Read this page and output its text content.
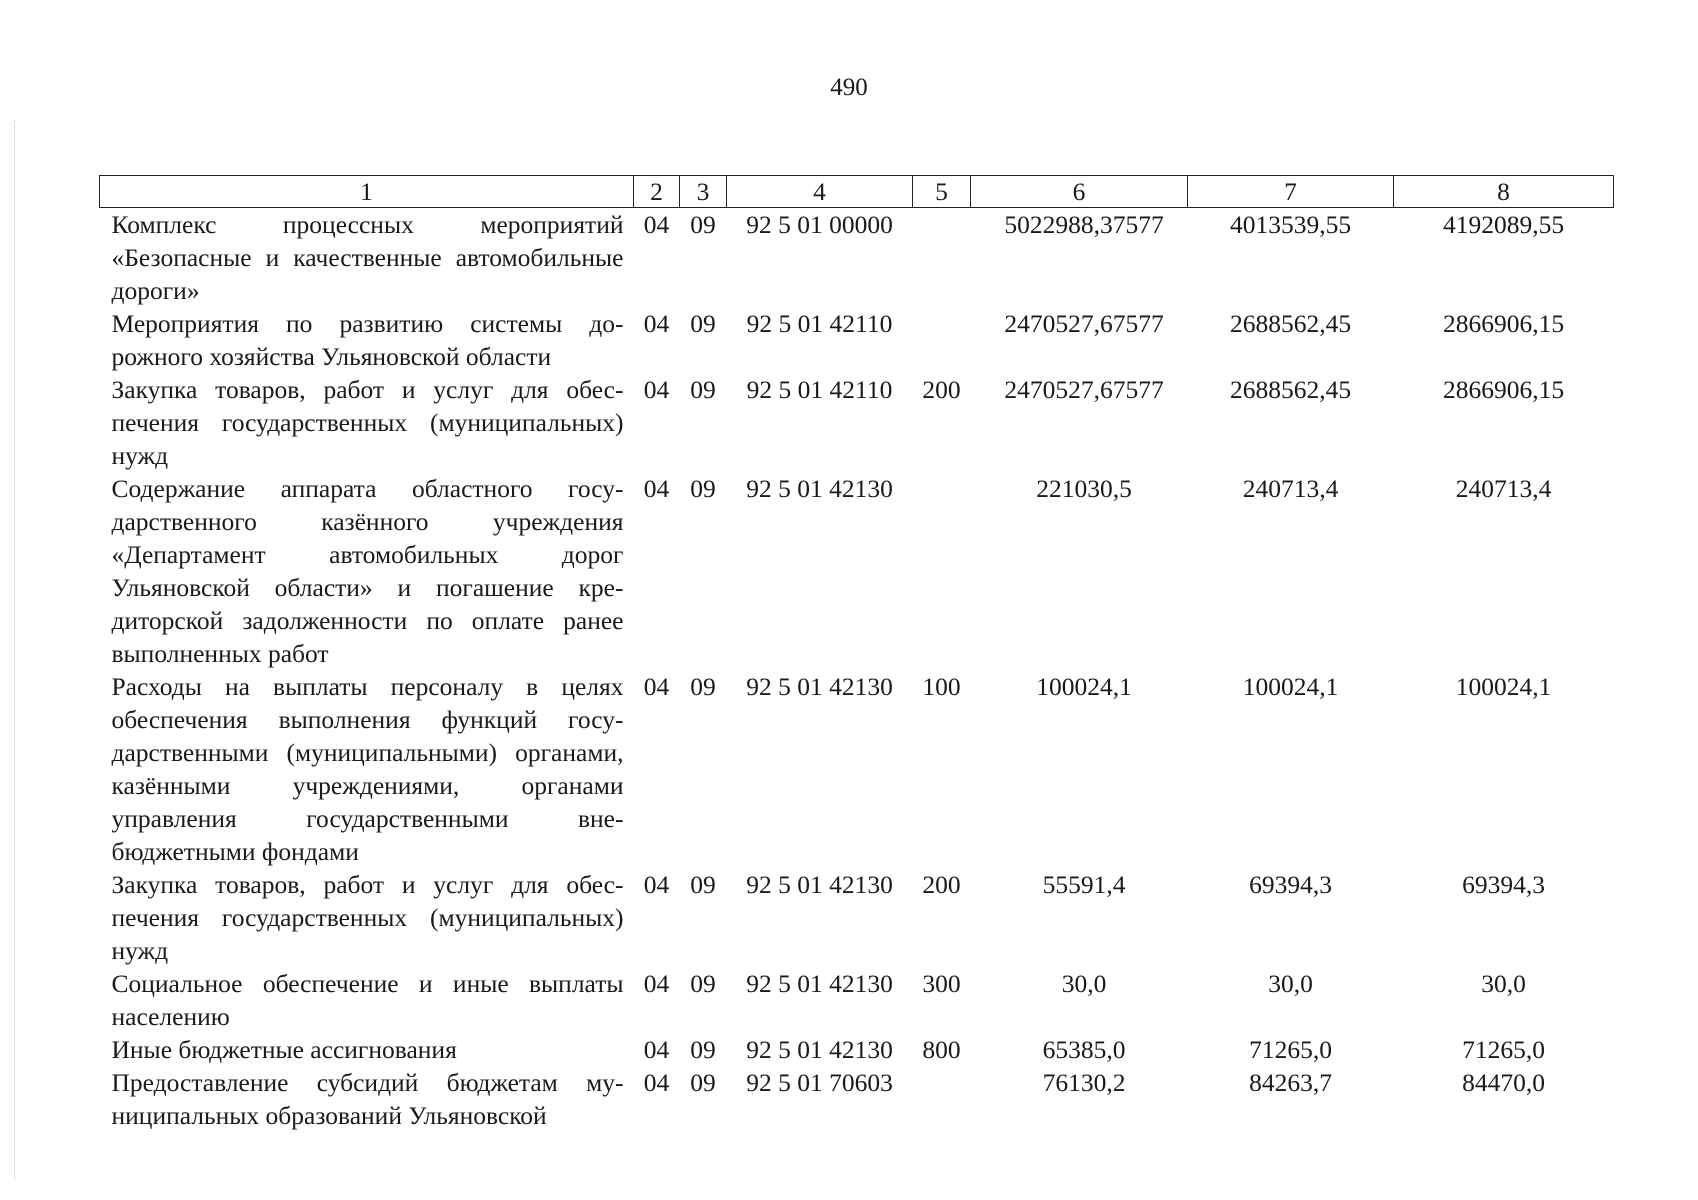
490
1	2	3	4	5	6	7	8
Комплекс процессных мероприятий «Безопасные и качественные автомобильные дороги»	04	09	92 5 01 00000		5022988,37577	4013539,55	4192089,55
Мероприятия по развитию системы дорожного хозяйства Ульяновской области	04	09	92 5 01 42110		2470527,67577	2688562,45	2866906,15
Закупка товаров, работ и услуг для обеспечения государственных (муниципальных) нужд	04	09	92 5 01 42110	200	2470527,67577	2688562,45	2866906,15
Содержание аппарата областного государственного казённого учреждения «Департамент автомобильных дорог Ульяновской области» и погашение кредиторской задолженности по оплате ранее выполненных работ	04	09	92 5 01 42130		221030,5	240713,4	240713,4
Расходы на выплаты персоналу в целях обеспечения выполнения функций государственными (муниципальными) органами, казёнными учреждениями, органами управления государственными внебюджетными фондами	04	09	92 5 01 42130	100	100024,1	100024,1	100024,1
Закупка товаров, работ и услуг для обеспечения государственных (муниципальных) нужд	04	09	92 5 01 42130	200	55591,4	69394,3	69394,3
Социальное обеспечение и иные выплаты населению	04	09	92 5 01 42130	300	30,0	30,0	30,0
Иные бюджетные ассигнования	04	09	92 5 01 42130	800	65385,0	71265,0	71265,0
Предоставление субсидий бюджетам муниципальных образований Ульяновской	04	09	92 5 01 70603		76130,2	84263,7	84470,0
